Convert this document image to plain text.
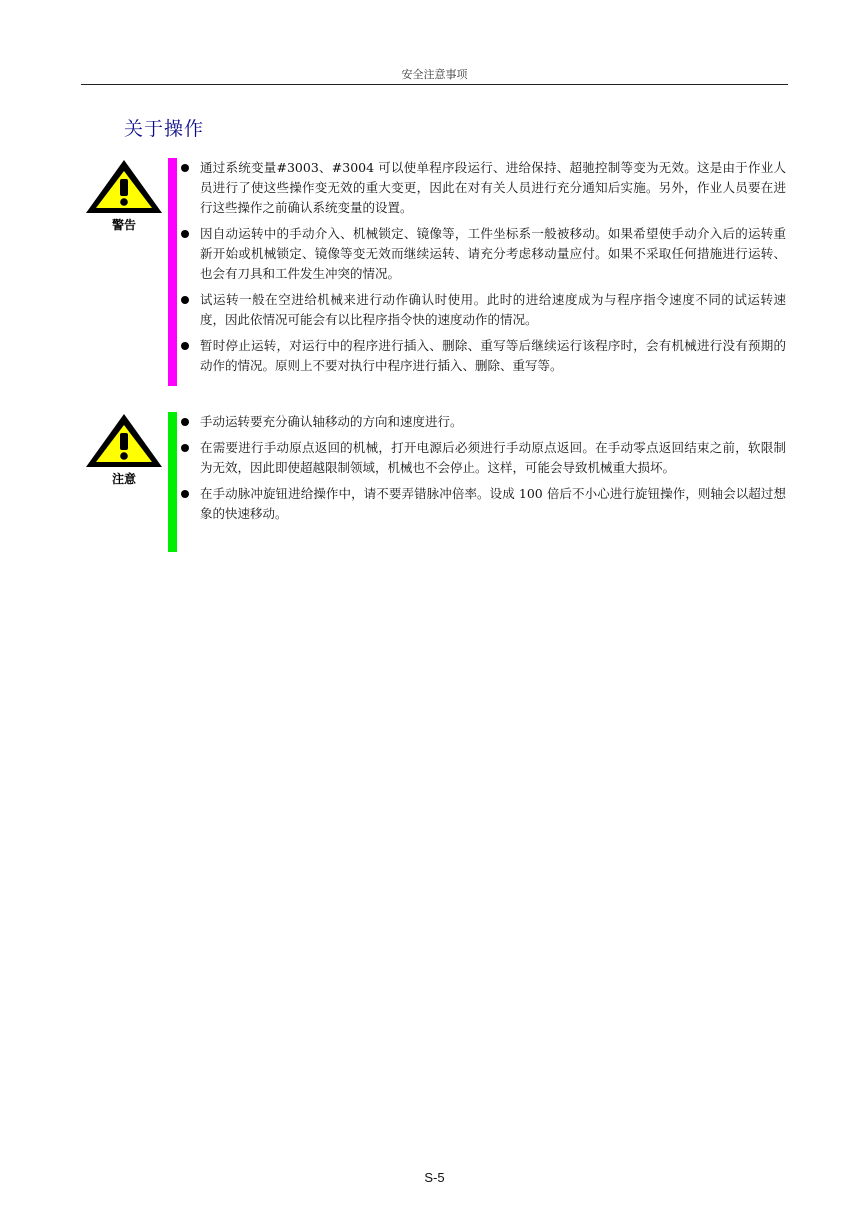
安全注意事项
关于操作
警告
通过系统变量#3003、#3004 可以使单程序段运行、进给保持、超驰控制等变为无效。这是由于作业人员进行了使这些操作变无效的重大变更，因此在对有关人员进行充分通知后实施。另外，作业人员要在进行这些操作之前确认系统变量的设置。
因自动运转中的手动介入、机械锁定、镜像等，工件坐标系一般被移动。如果希望使手动介入后的运转重新开始或机械锁定、镜像等变无效而继续运转、请充分考虑移动量应付。如果不采取任何措施进行运转、也会有刀具和工件发生冲突的情况。
试运转一般在空进给机械来进行动作确认时使用。此时的进给速度成为与程序指令速度不同的试运转速度，因此依情况可能会有以比程序指令快的速度动作的情况。
暂时停止运转，对运行中的程序进行插入、删除、重写等后继续运行该程序时，会有机械进行没有预期的动作的情况。原则上不要对执行中程序进行插入、删除、重写等。
注意
手动运转要充分确认轴移动的方向和速度进行。
在需要进行手动原点返回的机械，打开电源后必须进行手动原点返回。在手动零点返回结束之前，软限制为无效，因此即使超越限制领域，机械也不会停止。这样，可能会导致机械重大损坏。
在手动脉冲旋钮进给操作中，请不要弄错脉冲倍率。设成 100 倍后不小心进行旋钮操作，则轴会以超过想象的快速移动。
S-5
